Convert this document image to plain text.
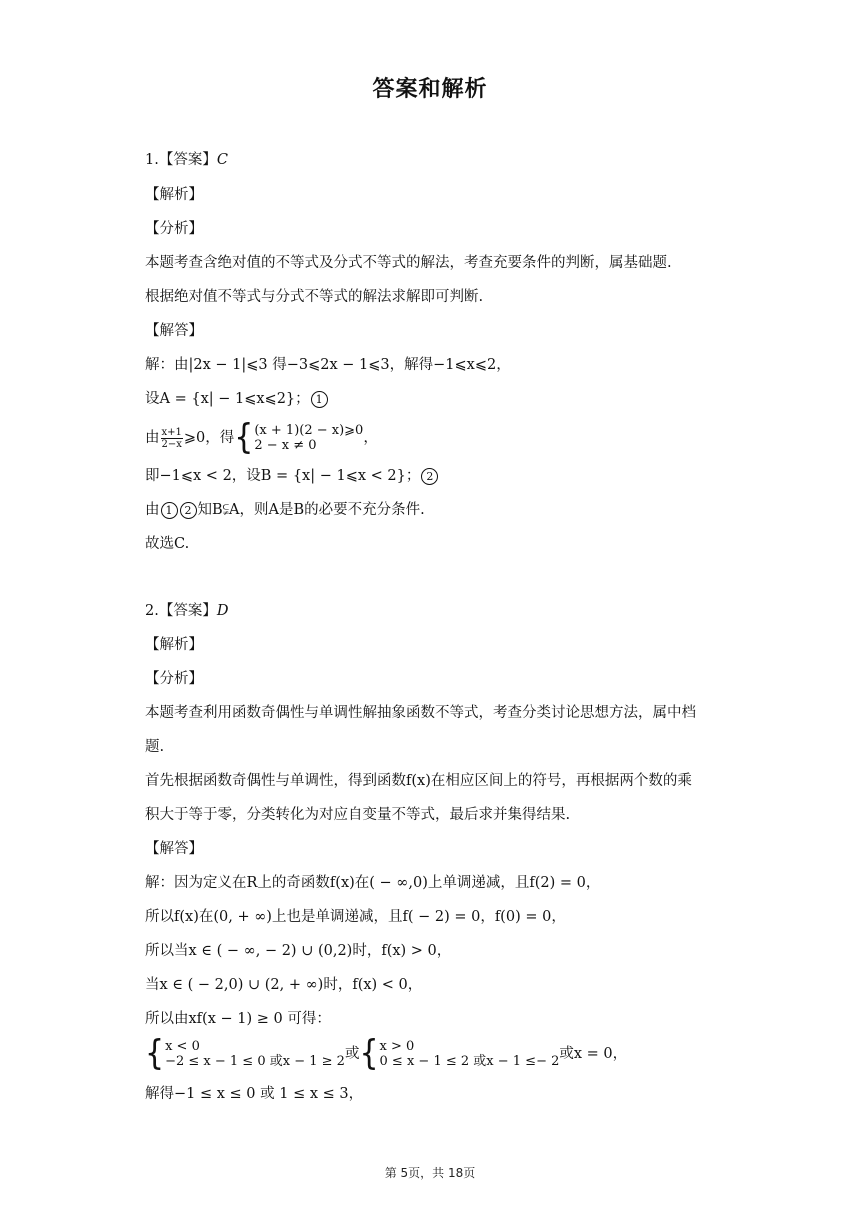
答案和解析
1.【答案】C
【解析】
【分析】
本题考查含绝对值的不等式及分式不等式的解法，考查充要条件的判断，属基础题.
根据绝对值不等式与分式不等式的解法求解即可判断.
【解答】
解：由|2x − 1|⩽3 得−3⩽2x − 1⩽3，解得−1⩽x⩽2，
设A = {x| − 1⩽x⩽2}； 1
由 $\frac{x+1}{2-x}$ ⩾0，得 { (x + 1)(2 − x)⩾0
2 − x ≠ 0	，
即−1⩽x < 2，设B = {x| − 1⩽x < 2}； 2
由 1 2 知B⫋A，则A是B的必要不充分条件.
故选C.
2.【答案】D
【解析】
【分析】
本题考查利用函数奇偶性与单调性解抽象函数不等式，考查分类讨论思想方法，属中档
题.
首先根据函数奇偶性与单调性，得到函数f(x)在相应区间上的符号，再根据两个数的乘
积大于等于零，分类转化为对应自变量不等式，最后求并集得结果.
【解答】
解：因为定义在R上的奇函数f(x)在( − ∞,0)上单调递减，且f(2) = 0，
所以f(x)在(0, + ∞)上也是单调递减，且f( − 2) = 0，f(0) = 0，
所以当x ∈ ( − ∞, − 2) ∪ (0,2)时，f(x) > 0，
当x ∈ ( − 2,0) ∪ (2, + ∞)时，f(x) < 0，
所以由xf(x − 1) ≥ 0 可得：
{ x < 0
−2 ≤ x − 1 ≤ 0 或x − 1 ≥ 2 或 { x > 0
0 ≤ x − 1 ≤ 2 或x − 1 ≤− 2 或x = 0，
解得−1 ≤ x ≤ 0 或 1 ≤ x ≤ 3，
第 5页，共 18页
